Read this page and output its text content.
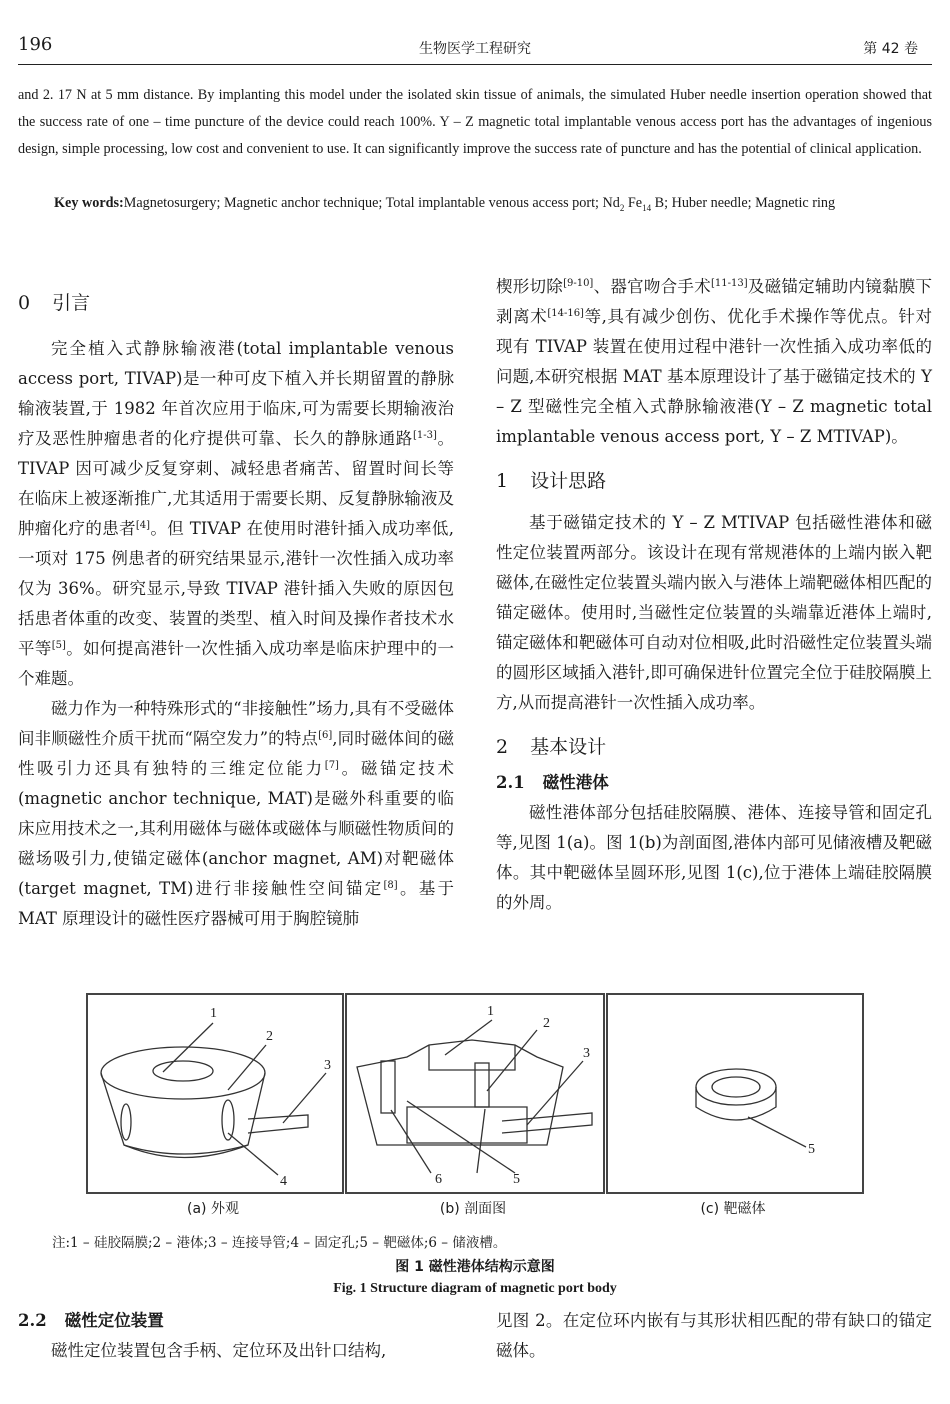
196	生物医学工程研究	第 42 卷
and 2. 17 N at 5 mm distance. By implanting this model under the isolated skin tissue of animals, the simulated Huber needle insertion operation showed that the success rate of one – time puncture of the device could reach 100%. Y – Z magnetic total implantable venous access port has the advantages of ingenious design, simple processing, low cost and convenient to use. It can significantly improve the success rate of puncture and has the potential of clinical application.
Key words:Magnetosurgery; Magnetic anchor technique; Total implantable venous access port; $Nd_2$ $Fe_{14}$ B; Huber needle; Magnetic ring
0 引言

完全植入式静脉输液港(total implantable venous access port, TIVAP)是一种可皮下植入并长期留置的静脉输液装置,于 1982 年首次应用于临床,可为需要长期输液治疗及恶性肿瘤患者的化疗提供可靠、长久的静脉通路[1-3]。TIVAP 因可减少反复穿刺、减轻患者痛苦、留置时间长等在临床上被逐渐推广,尤其适用于需要长期、反复静脉输液及肿瘤化疗的患者[4]。但 TIVAP 在使用时港针插入成功率低,一项对 175 例患者的研究结果显示,港针一次性插入成功率仅为 36%。研究显示,导致 TIVAP 港针插入失败的原因包括患者体重的改变、装置的类型、植入时间及操作者技术水平等[5]。如何提高港针一次性插入成功率是临床护理中的一个难题。

磁力作为一种特殊形式的“非接触性”场力,具有不受磁体间非顺磁性介质干扰而“隔空发力”的特点[6],同时磁体间的磁性吸引力还具有独特的三维定位能力[7]。磁锚定技术(magnetic anchor technique, MAT)是磁外科重要的临床应用技术之一,其利用磁体与磁体或磁体与顺磁性物质间的磁场吸引力,使锚定磁体(anchor magnet, AM)对靶磁体(target magnet, TM)进行非接触性空间锚定[8]。基于 MAT 原理设计的磁性医疗器械可用于胸腔镜肺

楔形切除[9-10]、器官吻合手术[11-13]及磁锚定辅助内镜黏膜下剥离术[14-16]等,具有减少创伤、优化手术操作等优点。针对现有 TIVAP 装置在使用过程中港针一次性插入成功率低的问题,本研究根据 MAT 基本原理设计了基于磁锚定技术的 Y – Z 型磁性完全植入式静脉输液港(Y – Z magnetic total implantable venous access port, Y – Z MTIVAP)。

1 设计思路

基于磁锚定技术的 Y – Z MTIVAP 包括磁性港体和磁性定位装置两部分。该设计在现有常规港体的上端内嵌入靶磁体,在磁性定位装置头端内嵌入与港体上端靶磁体相匹配的锚定磁体。使用时,当磁性定位装置的头端靠近港体上端时,锚定磁体和靶磁体可自动对位相吸,此时沿磁性定位装置头端的圆形区域插入港针,即可确保进针位置完全位于硅胶隔膜上方,从而提高港针一次性插入成功率。

2 基本设计
2.1 磁性港体

磁性港体部分包括硅胶隔膜、港体、连接导管和固定孔等,见图 1(a)。图 1(b)为剖面图,港体内部可见储液槽及靶磁体。其中靶磁体呈圆环形,见图 1(c),位于港体上端硅胶隔膜的外周。

1
2
3
4
1
2
3
6	5
5
(a) 外观	(b) 剖面图	(c) 靶磁体
注:1 – 硅胶隔膜;2 – 港体;3 – 连接导管;4 – 固定孔;5 – 靶磁体;6 – 储液槽。
图 1 磁性港体结构示意图
Fig. 1 Structure diagram of magnetic port body
2.2 磁性定位装置

磁性定位装置包含手柄、定位环及出针口结构,

见图 2。在定位环内嵌有与其形状相匹配的带有缺口的锚定磁体。
